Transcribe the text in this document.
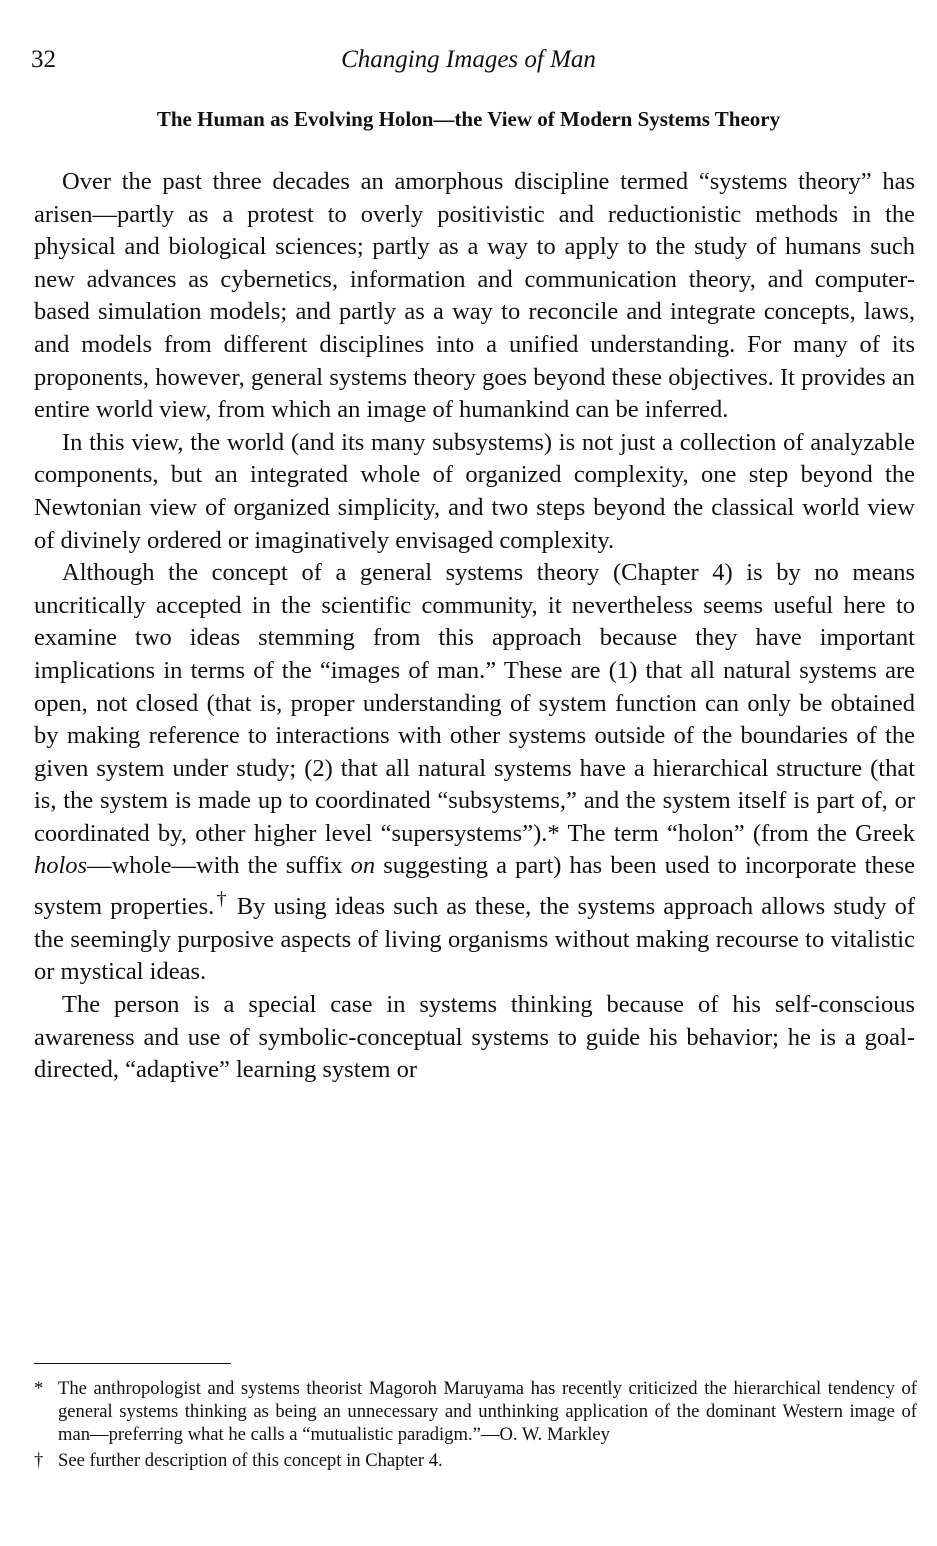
32	Changing Images of Man
The Human as Evolving Holon—the View of Modern Systems Theory

Over the past three decades an amorphous discipline termed “systems theory” has arisen—partly as a protest to overly positivistic and reductionistic methods in the physical and biological sciences; partly as a way to apply to the study of humans such new advances as cybernetics, information and communication theory, and computer-based simulation models; and partly as a way to reconcile and integrate concepts, laws, and models from different disciplines into a unified understanding. For many of its proponents, however, general systems theory goes beyond these objectives. It provides an entire world view, from which an image of humankind can be inferred.

In this view, the world (and its many subsystems) is not just a collection of analyzable components, but an integrated whole of organized complexity, one step beyond the Newtonian view of organized simplicity, and two steps beyond the classical world view of divinely ordered or imaginatively envisaged complexity.

Although the concept of a general systems theory (Chapter 4) is by no means uncritically accepted in the scientific community, it nevertheless seems useful here to examine two ideas stemming from this approach because they have important implications in terms of the “images of man.” These are (1) that all natural systems are open, not closed (that is, proper understanding of system function can only be obtained by making reference to interactions with other systems outside of the boundaries of the given system under study; (2) that all natural systems have a hierarchical structure (that is, the system is made up to coordinated “subsystems,” and the system itself is part of, or coordinated by, other higher level “supersystems”).* The term “holon” (from the Greek holos—whole—with the suffix on suggesting a part) has been used to incorporate these system properties.† By using ideas such as these, the systems approach allows study of the seemingly purposive aspects of living organisms without making recourse to vitalistic or mystical ideas.

The person is a special case in systems thinking because of his self-conscious awareness and use of symbolic-conceptual systems to guide his behavior; he is a goal-directed, “adaptive” learning system or

* The anthropologist and systems theorist Magoroh Maruyama has recently criticized the hierarchical tendency of general systems thinking as being an unnecessary and unthinking application of the dominant Western image of man—preferring what he calls a “mutualistic paradigm.”—O. W. Markley
† See further description of this concept in Chapter 4.
